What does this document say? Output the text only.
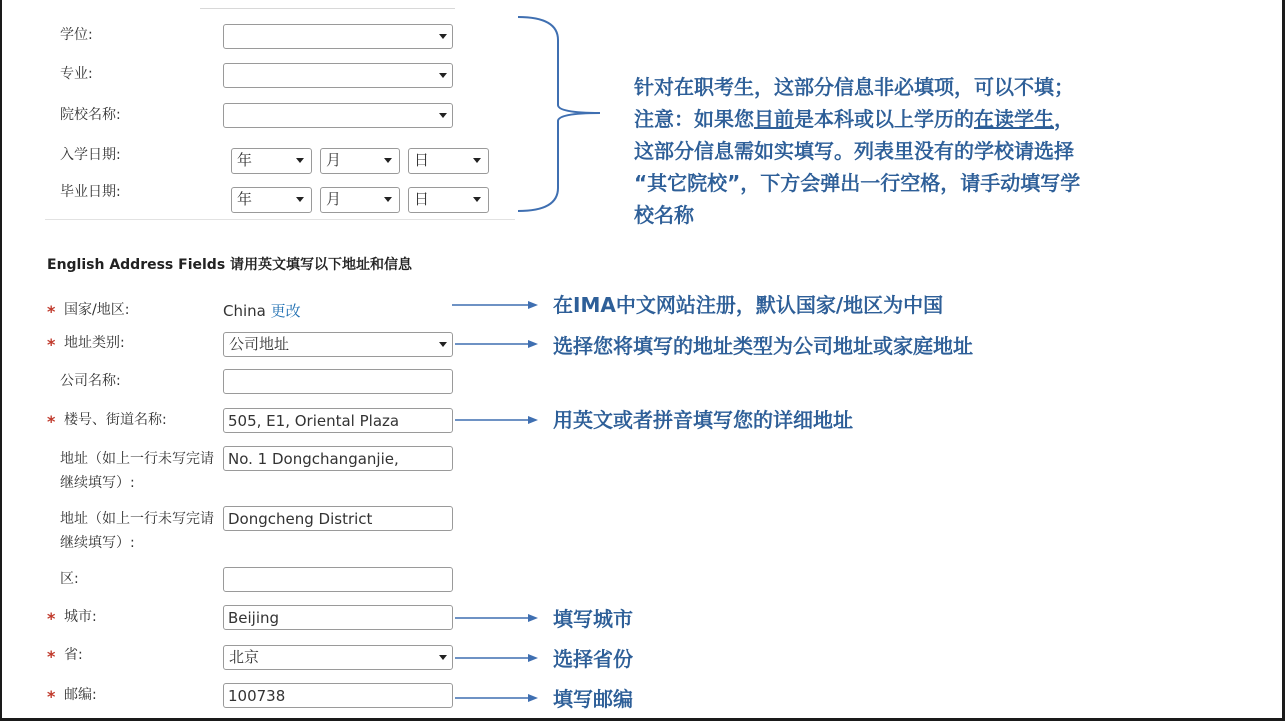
学位:
专业:
院校名称:
入学日期:	年	月	日
毕业日期:	年	月	日
English Address Fields 请用英文填写以下地址和信息
* 国家/地区:	China 更改
* 地址类别:	公司地址
公司名称:
* 楼号、街道名称:
505, E1, Oriental Plaza
地址（如上一行未写完请继续填写）:
No. 1 Dongchanganjie,
地址（如上一行未写完请继续填写）:
Dongcheng District
区:
* 城市:
Beijing
* 省:	北京
* 邮编:
100738
针对在职考生，这部分信息非必填项，可以不填；
注意：如果您目前是本科或以上学历的在读学生，
这部分信息需如实填写。列表里没有的学校请选择
“其它院校”，下方会弹出一行空格，请手动填写学
校名称
在IMA中文网站注册，默认国家/地区为中国
选择您将填写的地址类型为公司地址或家庭地址
用英文或者拼音填写您的详细地址
填写城市
选择省份
填写邮编
